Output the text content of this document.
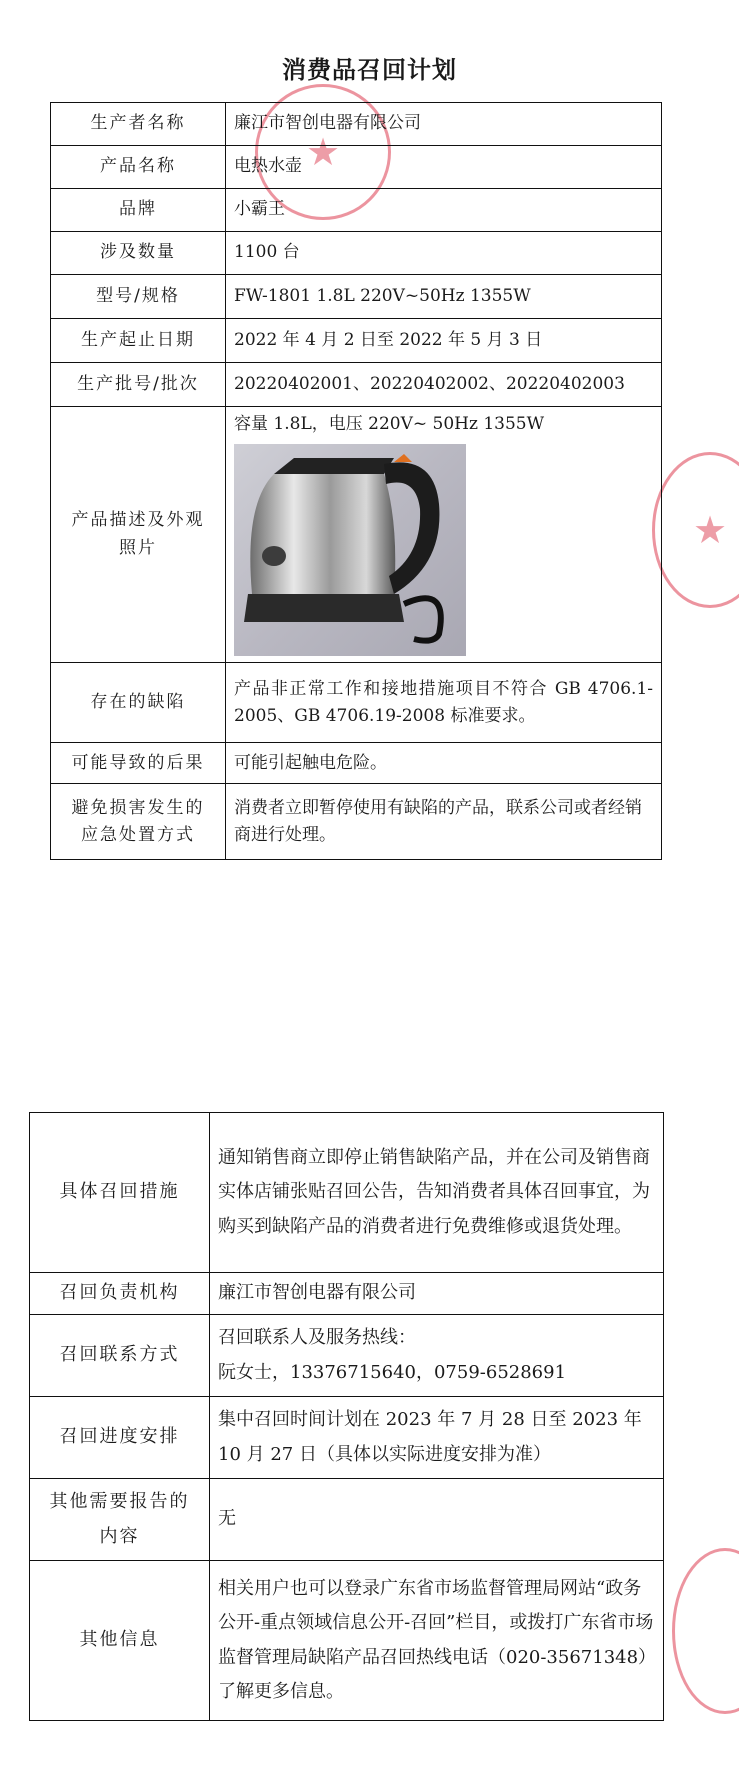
消费品召回计划
★
★
生产者名称	廉江市智创电器有限公司
产品名称	电热水壶
品牌	小霸王
涉及数量	1100 台
型号/规格	FW-1801 1.8L 220V~50Hz 1355W
生产起止日期	2022 年 4 月 2 日至 2022 年 5 月 3 日
生产批号/批次	20220402001、20220402002、20220402003

产品描述及外观
照片	容量 1.8L，电压 220V~ 50Hz 1355W

存在的缺陷	产品非正常工作和接地措施项目不符合 GB 4706.1-2005、GB 4706.19-2008 标准要求。
可能导致的后果	可能引起触电危险。

避免损害发生的
应急处置方式	消费者立即暂停使用有缺陷的产品，联系公司或者经销商进行处理。
具体召回措施	通知销售商立即停止销售缺陷产品，并在公司及销售商实体店铺张贴召回公告，告知消费者具体召回事宜，为购买到缺陷产品的消费者进行免费维修或退货处理。
召回负责机构	廉江市智创电器有限公司
召回联系方式	召回联系人及服务热线：
阮女士，13376715640，0759-6528691

召回进度安排	集中召回时间计划在 2023 年 7 月 28 日至 2023 年 10 月 27 日（具体以实际进度安排为准）

其他需要报告的
内容	无
其他信息	相关用户也可以登录广东省市场监督管理局网站“政务公开-重点领域信息公开-召回”栏目，或拨打广东省市场监督管理局缺陷产品召回热线电话（020-35671348）了解更多信息。
